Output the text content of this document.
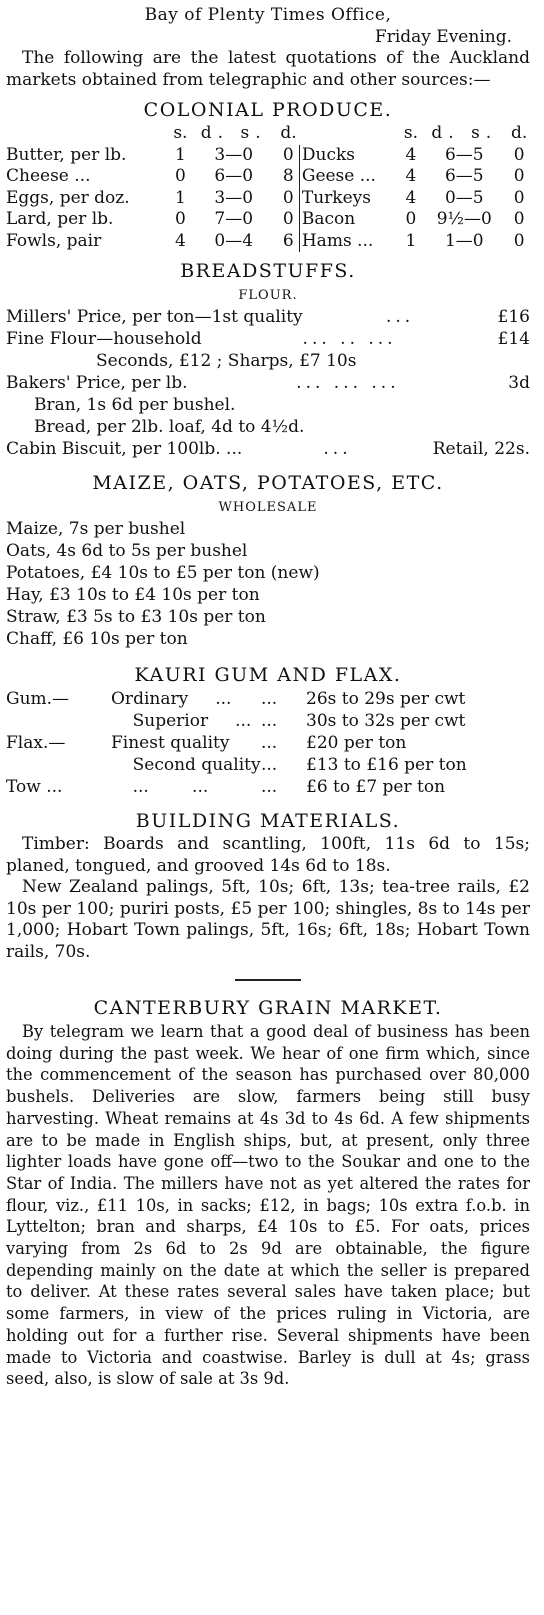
Bay of Plenty Times Office,
Friday Evening.
The following are the latest quotations of the Auckland markets obtained from telegraphic and other sources:—
COLONIAL PRODUCE.
	s.	d. s.	d.		s.	d. s.	d.
Butter, per lb.	1	3—0	0	Ducks	4	6—5	0
Cheese ...	0	6—0	8	Geese ...	4	6—5	0
Eggs, per doz.	1	3—0	0	Turkeys	4	0—5	0
Lard, per lb.	0	7—0	0	Bacon	0	9½—0	0
Fowls, pair	4	0—4	6	Hams ...	1	1—0	0
BREADSTUFFS.
FLOUR.
Millers' Price, per ton—1st quality	...	£16
Fine Flour—household	... .. ...	£14
Seconds, £12 ; Sharps, £7 10s
Bakers' Price, per lb.	... ... ...	3d
Bran, 1s 6d per bushel.
Bread, per 2lb. loaf, 4d to 4½d.
Cabin Biscuit, per 100lb. ...	...	Retail, 22s.
MAIZE, OATS, POTATOES, ETC.
WHOLESALE
Maize, 7s per bushel
Oats, 4s 6d to 5s per bushel
Potatoes, £4 10s to £5 per ton (new)
Hay, £3 10s to £4 10s per ton
Straw, £3 5s to £3 10s per ton
Chaff, £6 10s per ton
KAURI GUM AND FLAX.
Gum.—	Ordinary     ...	...	26s to 29s per cwt
Superior     ... ...	30s to 32s per cwt
Flax.—	Finest quality	...	£20 per ton
Second quality ...	£13 to £16 per ton
Tow ...	...        ...	...	£6 to £7 per ton
BUILDING MATERIALS.
Timber: Boards and scantling, 100ft, 11s 6d to 15s; planed, tongued, and grooved 14s 6d to 18s.
New Zealand palings, 5ft, 10s; 6ft, 13s; tea-tree rails, £2 10s per 100; puriri posts, £5 per 100; shingles, 8s to 14s per 1,000; Hobart Town palings, 5ft, 16s; 6ft, 18s; Hobart Town rails, 70s.
CANTERBURY GRAIN MARKET.
By telegram we learn that a good deal of business has been doing during the past week. We hear of one firm which, since the commencement of the season has purchased over 80,000 bushels. Deliveries are slow, farmers being still busy harvesting. Wheat remains at 4s 3d to 4s 6d. A few shipments are to be made in English ships, but, at present, only three lighter loads have gone off—two to the Soukar and one to the Star of India. The millers have not as yet altered the rates for flour, viz., £11 10s, in sacks; £12, in bags; 10s extra f.o.b. in Lyttelton; bran and sharps, £4 10s to £5. For oats, prices varying from 2s 6d to 2s 9d are obtainable, the figure depending mainly on the date at which the seller is prepared to deliver. At these rates several sales have taken place; but some farmers, in view of the prices ruling in Victoria, are holding out for a further rise. Several shipments have been made to Victoria and coastwise. Barley is dull at 4s; grass seed, also, is slow of sale at 3s 9d.
